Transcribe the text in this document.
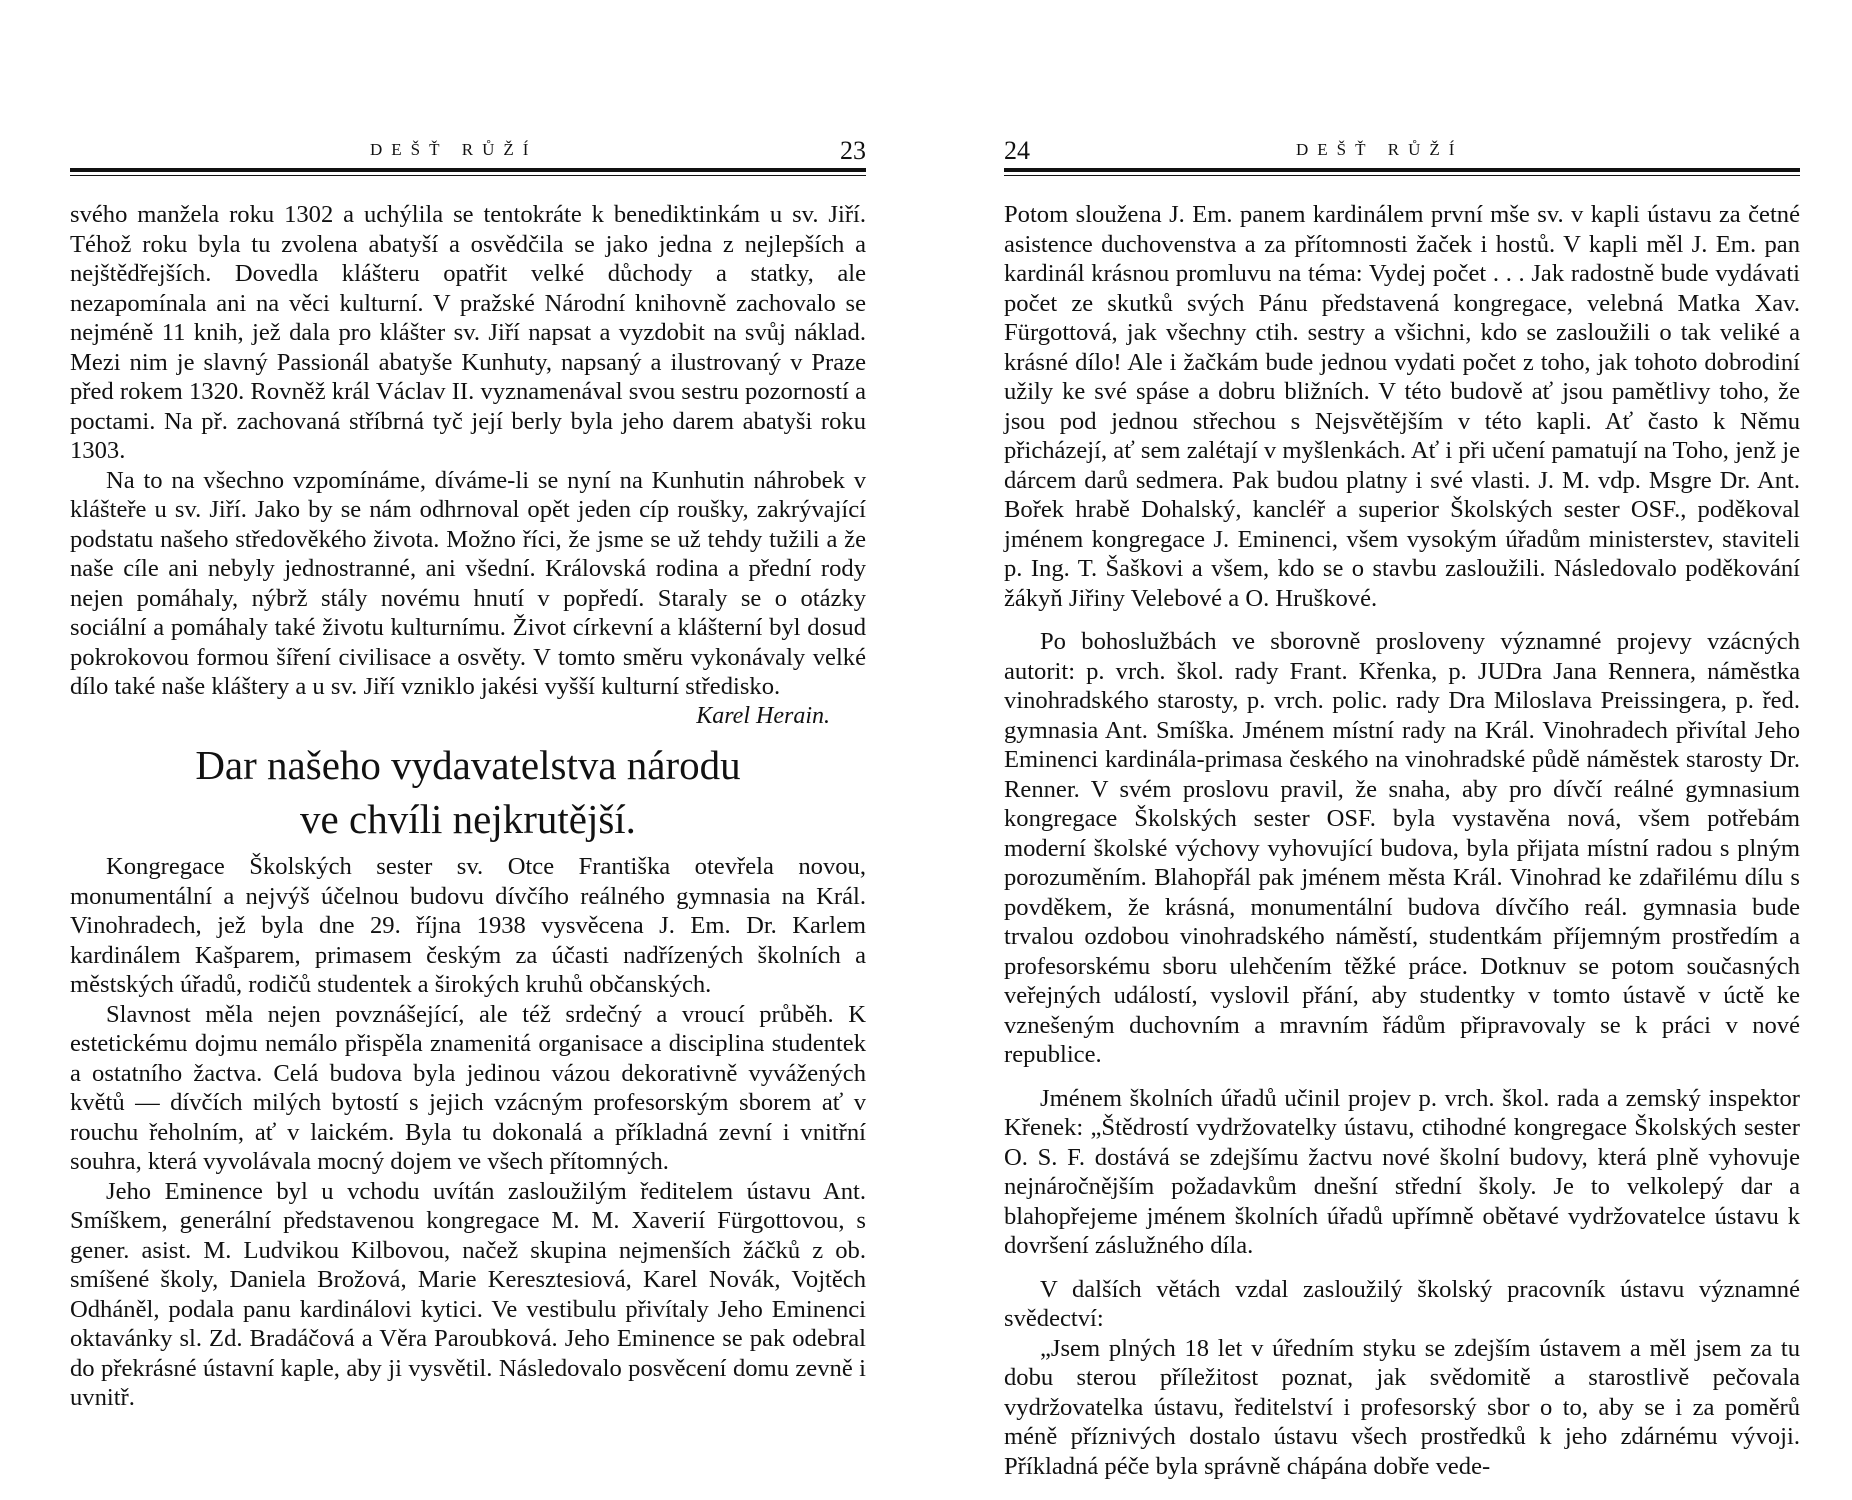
DEŠŤ RŮŽÍ	23

svého manžela roku 1302 a uchýlila se tentokráte k benediktinkám u sv. Jiří. Téhož roku byla tu zvolena abatyší a osvědčila se jako jedna z nejlepších a nejštědřejších. Dovedla klášteru opatřit velké důchody a statky, ale nezapomínala ani na věci kulturní. V pražské Národní knihovně zachovalo se nejméně 11 knih, jež dala pro klášter sv. Jiří napsat a vyzdobit na svůj náklad. Mezi nim je slavný Passionál abatyše Kunhuty, napsaný a ilustrovaný v Praze před rokem 1320. Rovněž král Václav II. vyznamenával svou sestru pozorností a poctami. Na př. zachovaná stříbrná tyč její berly byla jeho darem abatyši roku 1303.

Na to na všechno vzpomínáme, díváme-li se nyní na Kunhutin náhrobek v klášteře u sv. Jiří. Jako by se nám odhrnoval opět jeden cíp roušky, zakrývající podstatu našeho středověkého života. Možno říci, že jsme se už tehdy tužili a že naše cíle ani nebyly jednostranné, ani všední. Královská rodina a přední rody nejen pomáhaly, nýbrž stály novému hnutí v popředí. Staraly se o otázky sociální a pomáhaly také životu kulturnímu. Život církevní a klášterní byl dosud pokrokovou formou šíření civilisace a osvěty. V tomto směru vykonávaly velké dílo také naše kláštery a u sv. Jiří vzniklo jakési vyšší kulturní středisko.

Karel Herain.
Dar našeho vydavatelstva národu
ve chvíli nejkrutější.

Kongregace Školských sester sv. Otce Františka otevřela novou, monumentální a nejvýš účelnou budovu dívčího reálného gymnasia na Král. Vinohradech, jež byla dne 29. října 1938 vysvěcena J. Em. Dr. Karlem kardinálem Kašparem, primasem českým za účasti nadřízených školních a městských úřadů, rodičů studentek a širokých kruhů občanských.

Slavnost měla nejen povznášející, ale též srdečný a vroucí průběh. K estetickému dojmu nemálo přispěla znamenitá organisace a disciplina studentek a ostatního žactva. Celá budova byla jedinou vázou dekorativně vyvážených květů — dívčích milých bytostí s jejich vzácným profesorským sborem ať v rouchu řeholním, ať v laickém. Byla tu dokonalá a příkladná zevní i vnitřní souhra, která vyvolávala mocný dojem ve všech přítomných.

Jeho Eminence byl u vchodu uvítán zasloužilým ředitelem ústavu Ant. Smíškem, generální představenou kongregace M. M. Xaverií Fürgottovou, s gener. asist. M. Ludvikou Kilbovou, načež skupina nejmenších žáčků z ob. smíšené školy, Daniela Brožová, Marie Keresztesiová, Karel Novák, Vojtěch Odháněl, podala panu kardinálovi kytici. Ve vestibulu přivítaly Jeho Eminenci oktavánky sl. Zd. Bradáčová a Věra Paroubková. Jeho Eminence se pak odebral do překrásné ústavní kaple, aby ji vysvětil. Následovalo posvěcení domu zevně i uvnitř.

24	DEŠŤ RŮŽÍ

Potom sloužena J. Em. panem kardinálem první mše sv. v kapli ústavu za četné asistence duchovenstva a za přítomnosti žaček i hostů. V kapli měl J. Em. pan kardinál krásnou promluvu na téma: Vydej počet . . . Jak radostně bude vydávati počet ze skutků svých Pánu představená kongregace, velebná Matka Xav. Fürgottová, jak všechny ctih. sestry a všichni, kdo se zasloužili o tak veliké a krásné dílo! Ale i žačkám bude jednou vydati počet z toho, jak tohoto dobrodiní užily ke své spáse a dobru bližních. V této budově ať jsou pamětlivy toho, že jsou pod jednou střechou s Nejsvětějším v této kapli. Ať často k Němu přicházejí, ať sem zalétají v myšlenkách. Ať i při učení pamatují na Toho, jenž je dárcem darů sedmera. Pak budou platny i své vlasti. J. M. vdp. Msgre Dr. Ant. Bořek hrabě Dohalský, kancléř a superior Školských sester OSF., poděkoval jménem kongregace J. Eminenci, všem vysokým úřadům ministerstev, staviteli p. Ing. T. Šaškovi a všem, kdo se o stavbu zasloužili. Následovalo poděkování žákyň Jiřiny Velebové a O. Hruškové.

Po bohoslužbách ve sborovně prosloveny významné projevy vzácných autorit: p. vrch. škol. rady Frant. Křenka, p. JUDra Jana Rennera, náměstka vinohradského starosty, p. vrch. polic. rady Dra Miloslava Preissingera, p. řed. gymnasia Ant. Smíška. Jménem místní rady na Král. Vinohradech přivítal Jeho Eminenci kardinála-primasa českého na vinohradské půdě náměstek starosty Dr. Renner. V svém proslovu pravil, že snaha, aby pro dívčí reálné gymnasium kongregace Školských sester OSF. byla vystavěna nová, všem potřebám moderní školské výchovy vyhovující budova, byla přijata místní radou s plným porozuměním. Blahopřál pak jménem města Král. Vinohrad ke zdařilému dílu s povděkem, že krásná, monumentální budova dívčího reál. gymnasia bude trvalou ozdobou vinohradského náměstí, studentkám příjemným prostředím a profesorskému sboru ulehčením těžké práce. Dotknuv se potom současných veřejných událostí, vyslovil přání, aby studentky v tomto ústavě v úctě ke vznešeným duchovním a mravním řádům připravovaly se k práci v nové republice.

Jménem školních úřadů učinil projev p. vrch. škol. rada a zemský inspektor Křenek: „Štědrostí vydržovatelky ústavu, ctihodné kongregace Školských sester O. S. F. dostává se zdejšímu žactvu nové školní budovy, která plně vyhovuje nejnáročnějším požadavkům dnešní střední školy. Je to velkolepý dar a blahopřejeme jménem školních úřadů upřímně obětavé vydržovatelce ústavu k dovršení záslužného díla.

V dalších větách vzdal zasloužilý školský pracovník ústavu významné svědectví:

„Jsem plných 18 let v úředním styku se zdejším ústavem a měl jsem za tu dobu sterou příležitost poznat, jak svědomitě a starostlivě pečovala vydržovatelka ústavu, ředitelství i profesorský sbor o to, aby se i za poměrů méně příznivých dostalo ústavu všech prostředků k jeho zdárnému vývoji. Příkladná péče byla správně chápána dobře vede-
